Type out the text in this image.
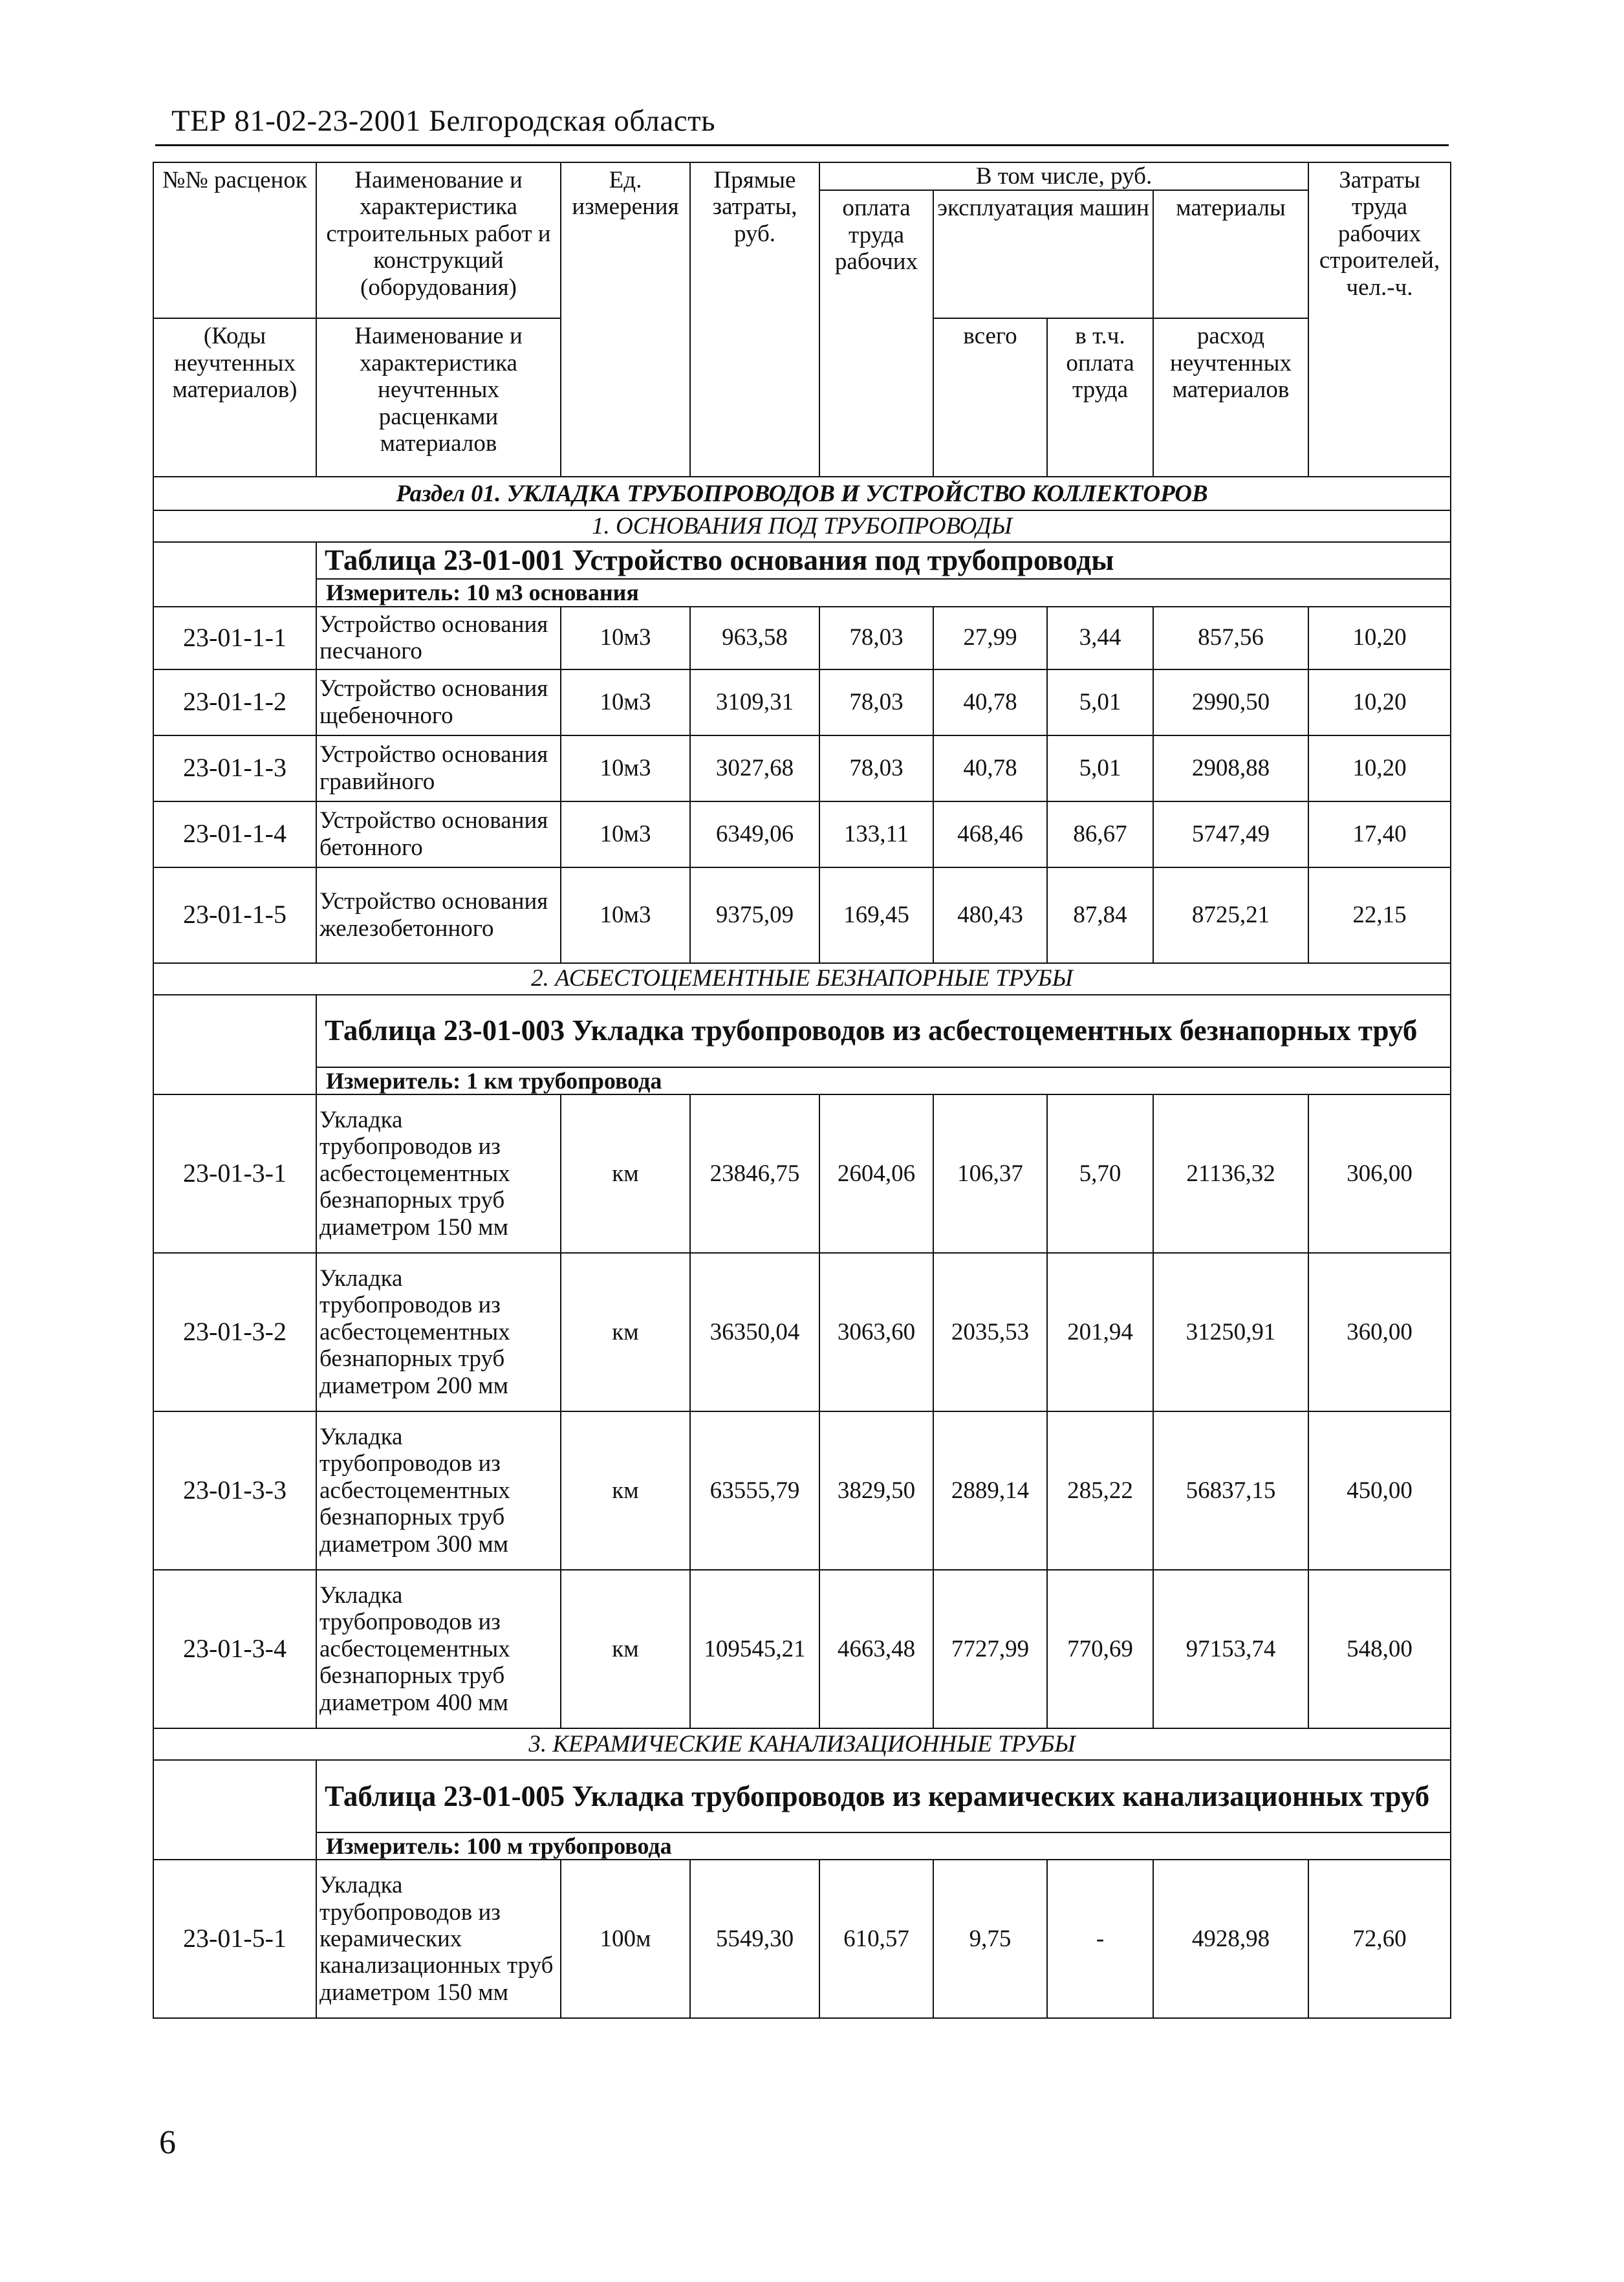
ТЕР 81-02-23-2001 Белгородская область
№№ расценок	Наименование и характеристика строительных работ и конструкций (оборудования)	Ед. измерения	Прямые затраты, руб.	В том числе, руб.				Затраты труда рабочих строителей, чел.-ч.
				оплата труда рабочих	эксплуатация машин		материалы	
(Коды неучтенных материалов)	Наименование и характеристика неучтенных расценками материалов				всего	в т.ч. оплата труда	расход неучтенных материалов	
Раздел 01. УКЛАДКА ТРУБОПРОВОДОВ И УСТРОЙСТВО КОЛЛЕКТОРОВ								
1. ОСНОВАНИЯ ПОД ТРУБОПРОВОДЫ								
	Таблица 23-01-001 Устройство основания под трубопроводы							
	Измеритель: 10 м3 основания							
23-01-1-1	Устройство основания песчаного	10м3	963,58	78,03	27,99	3,44	857,56	10,20
23-01-1-2	Устройство основания щебеночного	10м3	3109,31	78,03	40,78	5,01	2990,50	10,20
23-01-1-3	Устройство основания гравийного	10м3	3027,68	78,03	40,78	5,01	2908,88	10,20
23-01-1-4	Устройство основания бетонного	10м3	6349,06	133,11	468,46	86,67	5747,49	17,40
23-01-1-5	Устройство основания железобетонного	10м3	9375,09	169,45	480,43	87,84	8725,21	22,15
2. АСБЕСТОЦЕМЕНТНЫЕ БЕЗНАПОРНЫЕ ТРУБЫ								
	Таблица 23-01-003 Укладка трубопроводов из асбестоцементных безнапорных труб							
	Измеритель: 1 км трубопровода							
23-01-3-1	Укладка трубопроводов из асбестоцементных безнапорных труб диаметром 150 мм	км	23846,75	2604,06	106,37	5,70	21136,32	306,00
23-01-3-2	Укладка трубопроводов из асбестоцементных безнапорных труб диаметром 200 мм	км	36350,04	3063,60	2035,53	201,94	31250,91	360,00
23-01-3-3	Укладка трубопроводов из асбестоцементных безнапорных труб диаметром 300 мм	км	63555,79	3829,50	2889,14	285,22	56837,15	450,00
23-01-3-4	Укладка трубопроводов из асбестоцементных безнапорных труб диаметром 400 мм	км	109545,21	4663,48	7727,99	770,69	97153,74	548,00
3. КЕРАМИЧЕСКИЕ КАНАЛИЗАЦИОННЫЕ ТРУБЫ								
	Таблица 23-01-005 Укладка трубопроводов из керамических канализационных труб							
	Измеритель: 100 м трубопровода							
23-01-5-1	Укладка трубопроводов из керамических канализационных труб диаметром 150 мм	100м	5549,30	610,57	9,75	-	4928,98	72,60
6
